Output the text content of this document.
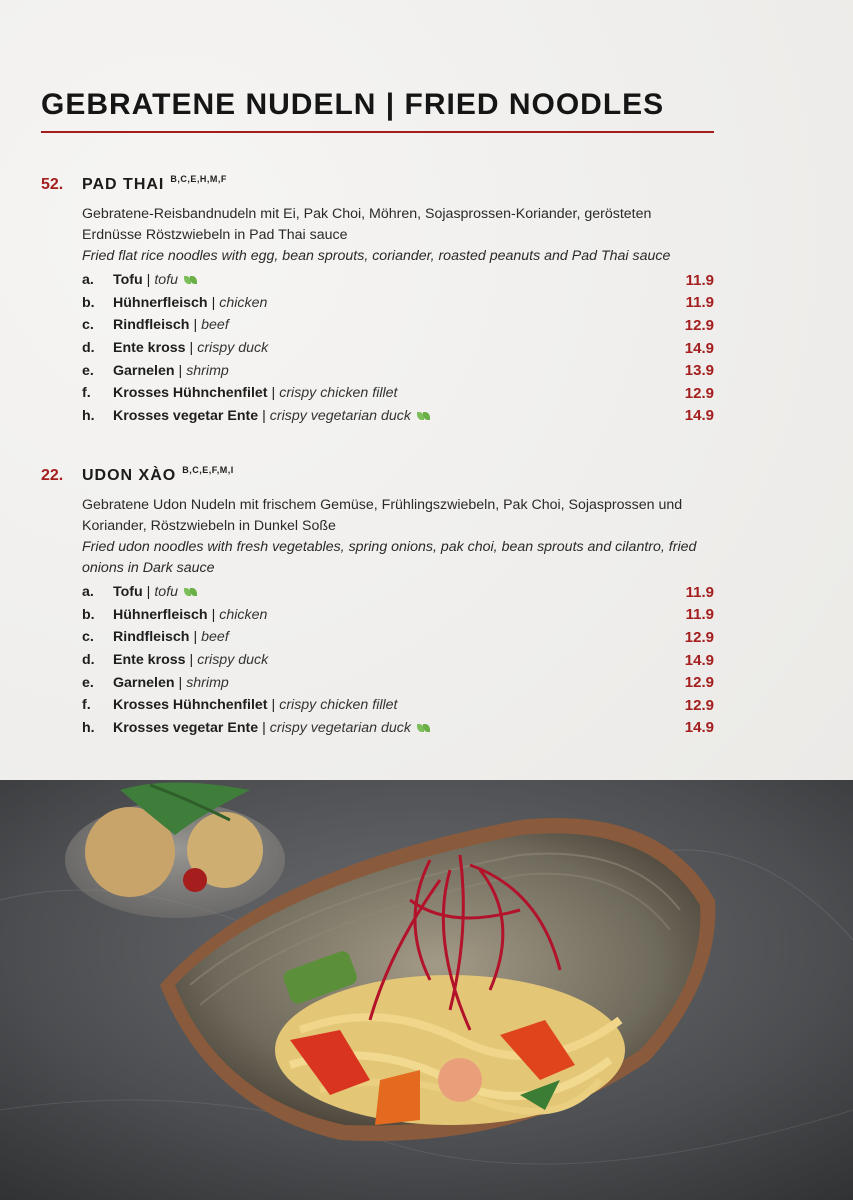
GEBRATENE NUDELN | FRIED NOODLES
52.	PAD THAI B,C,E,H,M,F
Gebratene-Reisbandnudeln mit Ei, Pak Choi, Möhren, Sojasprossen-Koriander, gerösteten Erdnüsse Röstzwiebeln in Pad Thai sauce
Fried flat rice noodles with egg, bean sprouts, coriander, roasted peanuts and Pad Thai sauce
a.	Tofu | tofu	11.9
b.	Hühnerfleisch | chicken	11.9
c.	Rindfleisch | beef	12.9
d.	Ente kross | crispy duck	14.9
e.	Garnelen | shrimp	13.9
f.	Krosses Hühnchenfilet | crispy chicken fillet	12.9
h.	Krosses vegetar Ente | crispy vegetarian duck	14.9
22.	UDON XÀO B,C,E,F,M,I
Gebratene Udon Nudeln mit frischem Gemüse, Frühlingszwiebeln, Pak Choi, Sojasprossen und Koriander, Röstzwiebeln in Dunkel Soße
Fried udon noodles with fresh vegetables, spring onions, pak choi, bean sprouts and cilantro, fried onions in Dark sauce
a.	Tofu | tofu	11.9
b.	Hühnerfleisch | chicken	11.9
c.	Rindfleisch | beef	12.9
d.	Ente kross | crispy duck	14.9
e.	Garnelen | shrimp	12.9
f.	Krosses Hühnchenfilet | crispy chicken fillet	12.9
h.	Krosses vegetar Ente | crispy vegetarian duck	14.9
